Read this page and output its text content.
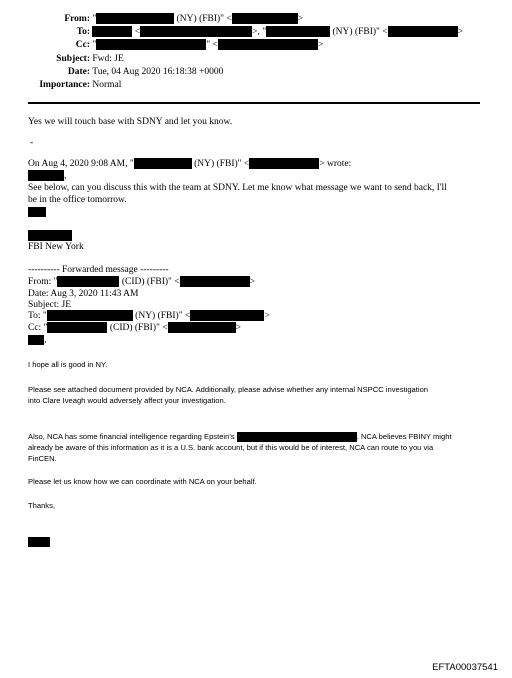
From: "	(NY) (FBI)" <	>
To:	<	>, "	(NY) (FBI)" <	>
Cc: "	" <	>
Subject: Fwd: JE
Date: Tue, 04 Aug 2020 16:18:38 +0000
Importance: Normal
Yes we will touch base with SDNY and let you know.
-
On Aug 4, 2020 9:08 AM, "	(NY) (FBI)" <	> wrote:
,
See below, can you discuss this with the team at SDNY. Let me know what message we want to send back, I'll
be in the office tomorrow.
FBI New York
---------- Forwarded message ---------
From: "	(CID) (FBI)" <	>
Date: Aug 3, 2020 11:43 AM
Subject: JE
To: "	(NY) (FBI)" <	>
Cc: "	(CID) (FBI)" <	>
,
I hope all is good in NY.
Please see attached document provided by NCA. Additionally, please advise whether any internal NSPCC investigation
into Clare Iveagh would adversely affect your investigation.
Also, NCA has some financial intelligence regarding Epstein's	. NCA believes FBINY might
already be aware of this information as it is a U.S. bank account, but if this would be of interest, NCA can route to you via
FinCEN.
Please let us know how we can coordinate with NCA on your behalf.
Thanks,
EFTA00037541
